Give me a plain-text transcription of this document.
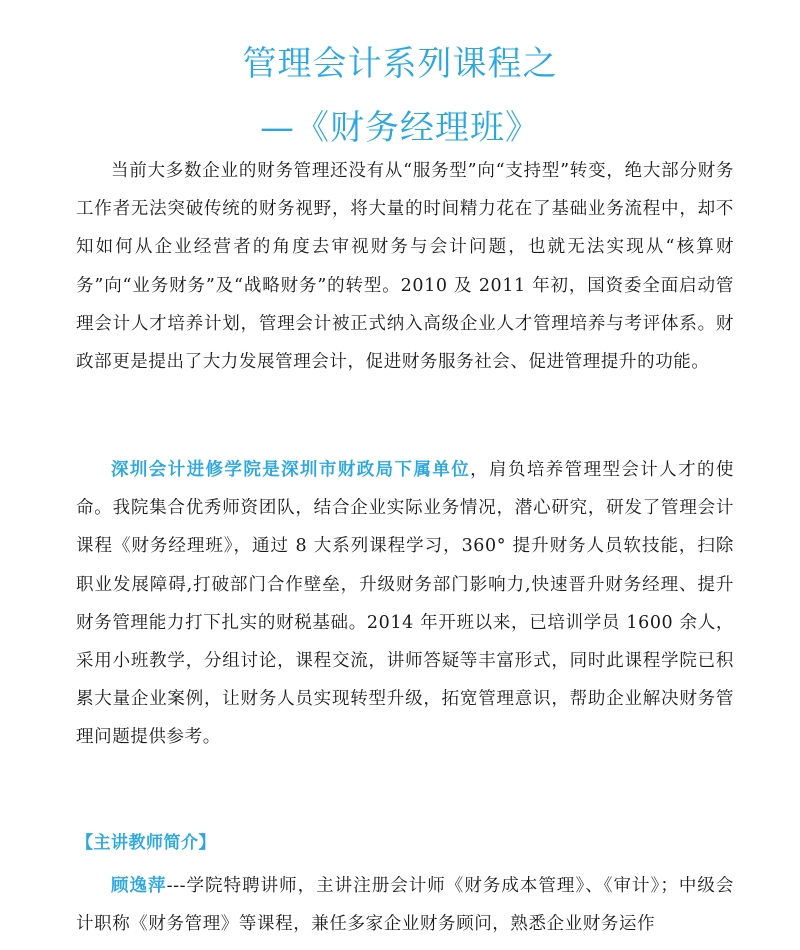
管理会计系列课程之
—《财务经理班》

当前大多数企业的财务管理还没有从“服务型”向“支持型”转变，绝大部分财务工作者无法突破传统的财务视野，将大量的时间精力花在了基础业务流程中，却不知如何从企业经营者的角度去审视财务与会计问题，也就无法实现从“核算财务”向“业务财务”及“战略财务”的转型。2010 及 2011 年初，国资委全面启动管理会计人才培养计划，管理会计被正式纳入高级企业人才管理培养与考评体系。财政部更是提出了大力发展管理会计，促进财务服务社会、促进管理提升的功能。

深圳会计进修学院是深圳市财政局下属单位，肩负培养管理型会计人才的使命。我院集合优秀师资团队，结合企业实际业务情况，潜心研究，研发了管理会计课程《财务经理班》，通过 8 大系列课程学习，360° 提升财务人员软技能，扫除职业发展障碍,打破部门合作壁垒，升级财务部门影响力,快速晋升财务经理、提升财务管理能力打下扎实的财税基础。2014 年开班以来，已培训学员 1600 余人，采用小班教学，分组讨论，课程交流，讲师答疑等丰富形式，同时此课程学院已积累大量企业案例，让财务人员实现转型升级，拓宽管理意识，帮助企业解决财务管理问题提供参考。

【主讲教师简介】

顾逸萍---学院特聘讲师，主讲注册会计师《财务成本管理》、《审计》；中级会计职称《财务管理》等课程，兼任多家企业财务顾问，熟悉企业财务运作
